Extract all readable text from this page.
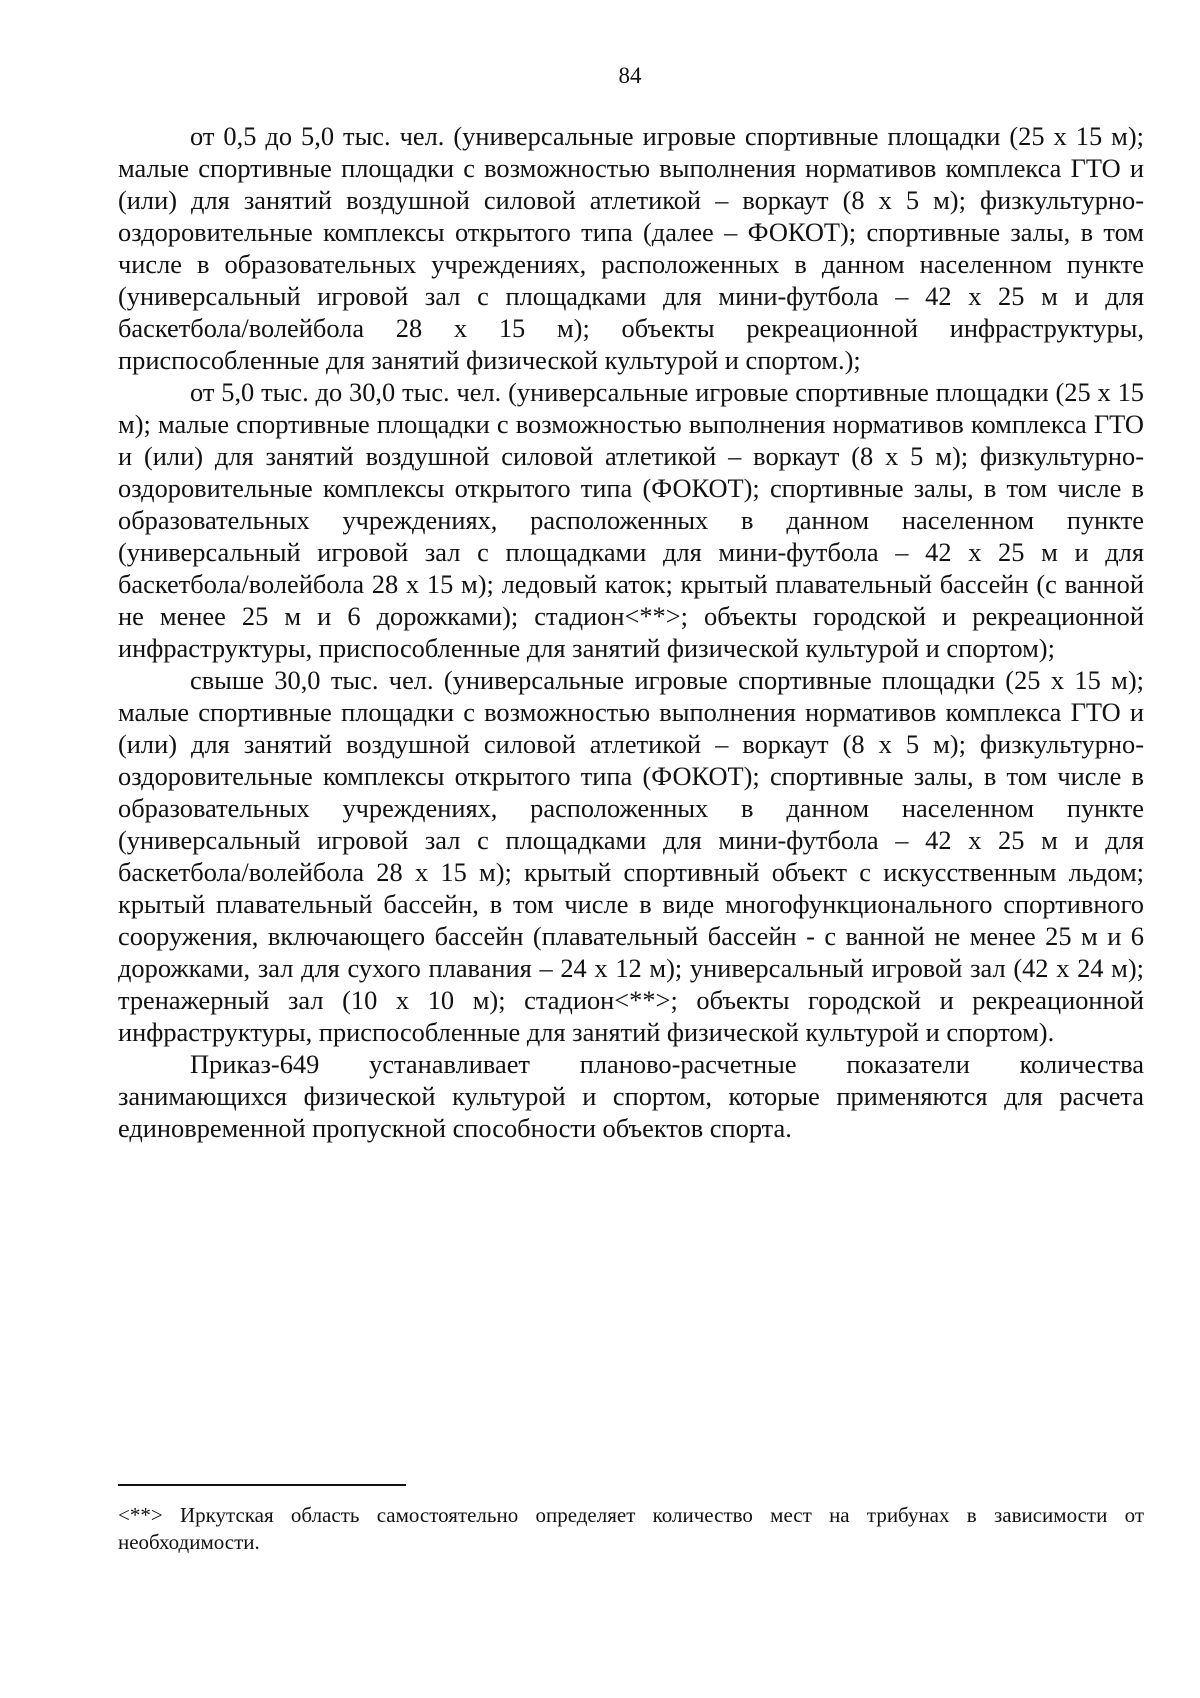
84

от 0,5 до 5,0 тыс. чел. (универсальные игровые спортивные площадки (25 х 15 м); малые спортивные площадки с возможностью выполнения нормативов комплекса ГТО и (или) для занятий воздушной силовой атлетикой – воркаут (8 х 5 м); физкультурно-оздоровительные комплексы открытого типа (далее – ФОКОТ); спортивные залы, в том числе в образовательных учреждениях, расположенных в данном населенном пункте (универсальный игровой зал с площадками для мини-футбола – 42 х 25 м и для баскетбола/волейбола 28 х 15 м); объекты рекреационной инфраструктуры, приспособленные для занятий физической культурой и спортом.);

от 5,0 тыс. до 30,0 тыс. чел. (универсальные игровые спортивные площадки (25 х 15 м); малые спортивные площадки с возможностью выполнения нормативов комплекса ГТО и (или) для занятий воздушной силовой атлетикой – воркаут (8 х 5 м); физкультурно-оздоровительные комплексы открытого типа (ФОКОТ); спортивные залы, в том числе в образовательных учреждениях, расположенных в данном населенном пункте (универсальный игровой зал с площадками для мини-футбола – 42 х 25 м и для баскетбола/волейбола 28 х 15 м); ледовый каток; крытый плавательный бассейн (с ванной не менее 25 м и 6 дорожками); стадион<**>; объекты городской и рекреационной инфраструктуры, приспособленные для занятий физической культурой и спортом);

свыше 30,0 тыс. чел. (универсальные игровые спортивные площадки (25 х 15 м); малые спортивные площадки с возможностью выполнения нормативов комплекса ГТО и (или) для занятий воздушной силовой атлетикой – воркаут (8 х 5 м); физкультурно-оздоровительные комплексы открытого типа (ФОКОТ); спортивные залы, в том числе в образовательных учреждениях, расположенных в данном населенном пункте (универсальный игровой зал с площадками для мини-футбола – 42 х 25 м и для баскетбола/волейбола 28 х 15 м); крытый спортивный объект с искусственным льдом; крытый плавательный бассейн, в том числе в виде многофункционального спортивного сооружения, включающего бассейн (плавательный бассейн - с ванной не менее 25 м и 6 дорожками, зал для сухого плавания – 24 х 12 м); универсальный игровой зал (42 х 24 м); тренажерный зал (10 х 10 м); стадион<**>; объекты городской и рекреационной инфраструктуры, приспособленные для занятий физической культурой и спортом).

Приказ-649 устанавливает планово-расчетные показатели количества занимающихся физической культурой и спортом, которые применяются для расчета единовременной пропускной способности объектов спорта.

<**> Иркутская область самостоятельно определяет количество мест на трибунах в зависимости от необходимости.
